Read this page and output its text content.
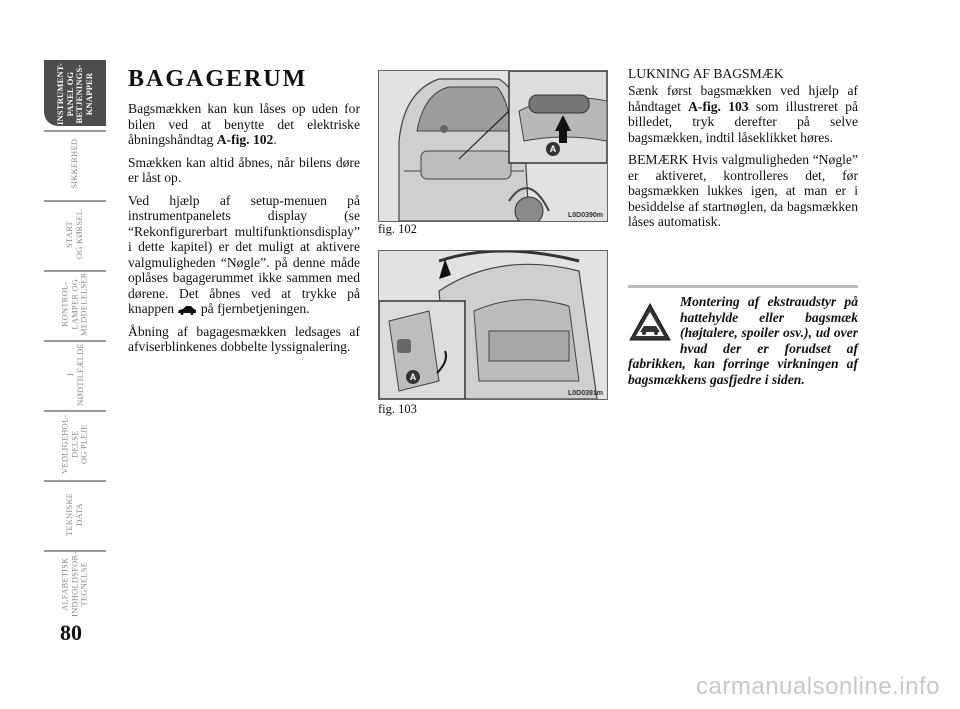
INSTRUMENT- PANEL OG BETJENINGS- KNAPPER
SIKKERHED
START OG KØRSEL
KONTROL- LAMPER OG MEDDELELSER
I NØDTILFÆLDE
VEDLIGEHOL- DELSE OG PLEJE
TEKNISKE DATA
ALFABETISK INDHOLDSFOR- TEGNELSE
80
BAGAGERUM

Bagsmækken kan kun låses op uden for bilen ved at benytte det elektriske åbningshåndtag A-fig. 102.

Smækken kan altid åbnes, når bilens døre er låst op.

Ved hjælp af setup-menuen på instrumentpanelets display (se “Rekonfigurerbart multifunktionsdisplay” i dette kapitel) er det muligt at aktivere valgmuligheden “Nøgle”. på denne måde oplåses bagagerummet ikke sammen med dørene. Det åbnes ved at trykke på knappen på fjernbetjeningen.

Åbning af bagagesmækken ledsages af afviserblinkenes dobbelte lyssignalering.

A
L0D0390m
fig. 102
A
L0D0391m
fig. 103
LUKNING AF BAGSMÆK

Sænk først bagsmækken ved hjælp af håndtaget A-fig. 103 som illustreret på billedet, tryk derefter på selve bagsmækken, indtil låseklikket høres.

BEMÆRK Hvis valgmuligheden “Nøgle” er aktiveret, kontrolleres det, før bagsmækken lukkes igen, at man er i besiddelse af startnøglen, da bagsmækken låses automatisk.

Montering af ekstraudstyr på hattehylde eller bagsmæk (højtalere, spoiler osv.), ud over hvad der er forudset af fabrikken, kan forringe virkningen af bagsmækkens gasfjedre i siden.

carmanualsonline.info
